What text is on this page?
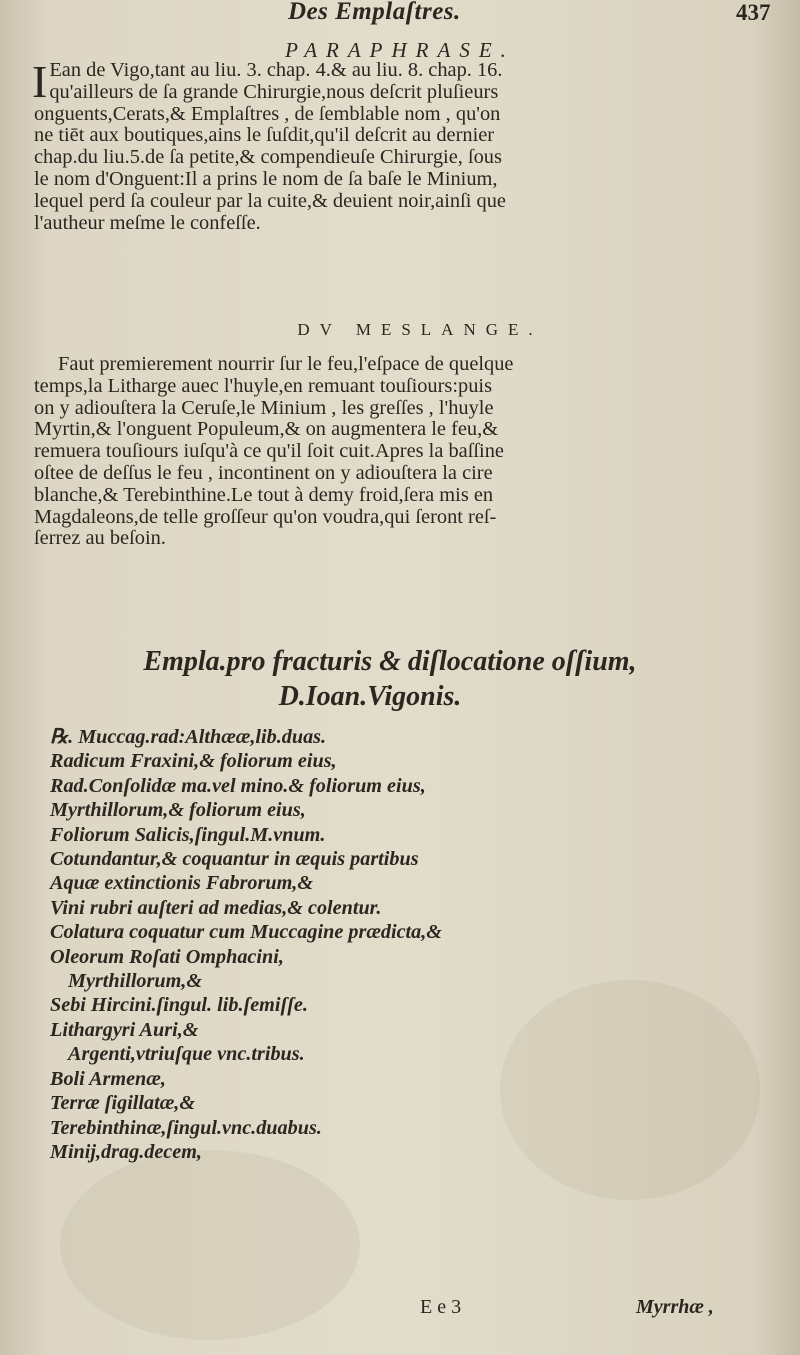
Des Emplaſtres.	437
PARAPHRASE.
I Ean de Vigo,tant au liu. 3. chap. 4.& au liu. 8. chap. 16.
qu'ailleurs de ſa grande Chirurgie,nous deſcrit pluſieurs
onguents,Cerats,& Emplaſtres , de ſemblable nom , qu'on
ne tiēt aux boutiques,ains le ſuſdit,qu'il deſcrit au dernier
chap.du liu.5.de ſa petite,& compendieuſe Chirurgie, ſous
le nom d'Onguent:Il a prins le nom de ſa baſe le Minium,
lequel perd ſa couleur par la cuite,& deuient noir,ainſi que
l'autheur meſme le confeſſe.
DV MESLANGE.
Faut premierement nourrir ſur le feu,l'eſpace de quelque
temps,la Litharge auec l'huyle,en remuant touſiours:puis
on y adiouſtera la Ceruſe,le Minium , les greſſes , l'huyle
Myrtin,& l'onguent Populeum,& on augmentera le feu,&
remuera touſiours iuſqu'à ce qu'il ſoit cuit.Apres la baſſine
oſtee de deſſus le feu , incontinent on y adiouſtera la cire
blanche,& Terebinthine.Le tout à demy froid,ſera mis en
Magdaleons,de telle groſſeur qu'on voudra,qui ſeront reſ-
ſerrez au beſoin.
Empla.pro fracturis & diſlocatione oſſium,
D.Ioan.Vigonis.
℞. Muccag.rad:Althææ,lib.duas.
Radicum Fraxini,& foliorum eius,
Rad.Conſolidæ ma.vel mino.& foliorum eius,
Myrthillorum,& foliorum eius,
Foliorum Salicis,ſingul.M.vnum.
Cotundantur,& coquantur in æquis partibus
Aquæ extinctionis Fabrorum,&
Vini rubri auſteri ad medias,& colentur.
Colatura coquatur cum Muccagine prædicta,&
Oleorum Roſati Omphacini,
Myrthillorum,&
Sebi Hircini.ſingul. lib.ſemiſſe.
Lithargyri Auri,&
Argenti,vtriuſque vnc.tribus.
Boli Armenæ,
Terræ ſigillatæ,&
Terebinthinæ,ſingul.vnc.duabus.
Minij,drag.decem,
E e 3	Myrrhæ ,
